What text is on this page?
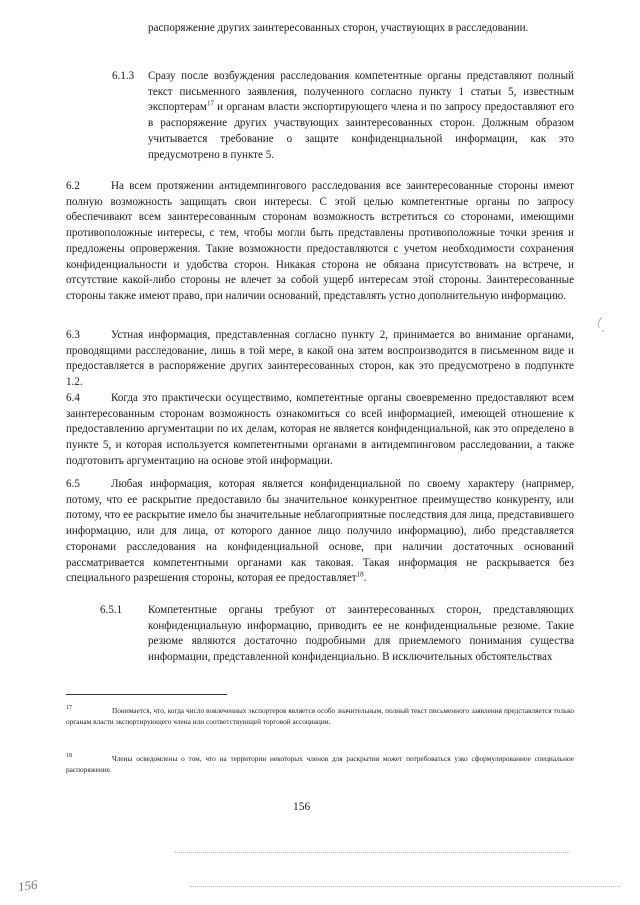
распоряжение других заинтересованных сторон, участвующих в расследовании.

6.1.3 Сразу после возбуждения расследования компетентные органы представляют полный текст письменного заявления, полученного согласно пункту 1 статьи 5, известным экспортерам$^{17}$ и органам власти экспортирующего члена и по запросу предоставляют его в распоряжение других участвующих заинтересованных сторон. Должным образом учитывается требование о защите конфиденциальной информации, как это предусмотрено в пункте 5.

6.2	На всем протяжении антидемпингового расследования все заинтересованные стороны имеют полную возможность защищать свои интересы. С этой целью компетентные органы по запросу обеспечивают всем заинтересованным сторонам возможность встретиться со сторонами, имеющими противоположные интересы, с тем, чтобы могли быть представлены противоположные точки зрения и предложены опровержения. Такие возможности предоставляются с учетом необходимости сохранения конфиденциальности и удобства сторон. Никакая сторона не обязана присутствовать на встрече, и отсутствие какой-либо стороны не влечет за собой ущерб интересам этой стороны. Заинтересованные стороны также имеют право, при наличии оснований, представлять устно дополнительную информацию.

6.3	Устная информация, представленная согласно пункту 2, принимается во внимание органами, проводящими расследование, лишь в той мере, в какой она затем воспроизводится в письменном виде и предоставляется в распоряжение других заинтересованных сторон, как это предусмотрено в подпункте 1.2.

6.4	Когда это практически осуществимо, компетентные органы своевременно предоставляют всем заинтересованным сторонам возможность ознакомиться со всей информацией, имеющей отношение к предоставлению аргументации по их делам, которая не является конфиденциальной, как это определено в пункте 5, и которая используется компетентными органами в антидемпинговом расследовании, а также подготовить аргументацию на основе этой информации.

6.5	Любая информация, которая является конфиденциальной по своему характеру (например, потому, что ее раскрытие предоставило бы значительное конкурентное преимущество конкуренту, или потому, что ее раскрытие имело бы значительные неблагоприятные последствия для лица, представившего информацию, или для лица, от которого данное лицо получило информацию), либо представляется сторонами расследования на конфиденциальной основе, при наличии достаточных оснований рассматривается компетентными органами как таковая. Такая информация не раскрывается без специального разрешения стороны, которая ее предоставляет$^{18}$.

6.5.1 Компетентные органы требуют от заинтересованных сторон, представляющих конфиденциальную информацию, приводить ее не конфиденциальные резюме. Такие резюме являются достаточно подробными для приемлемого понимания существа информации, представленной конфиденциально. В исключительных обстоятельствах

17	Понимается, что, когда число вовлеченных экспортеров является особо значительным, полный текст письменного заявления представляется только органам власти экспортирующего члена или соответствующей торговой ассоциации.

18	Члены осведомлены о том, что на территории некоторых членов для раскрытия может потребоваться узко сформулированное специальное распоряжение.

156
156
